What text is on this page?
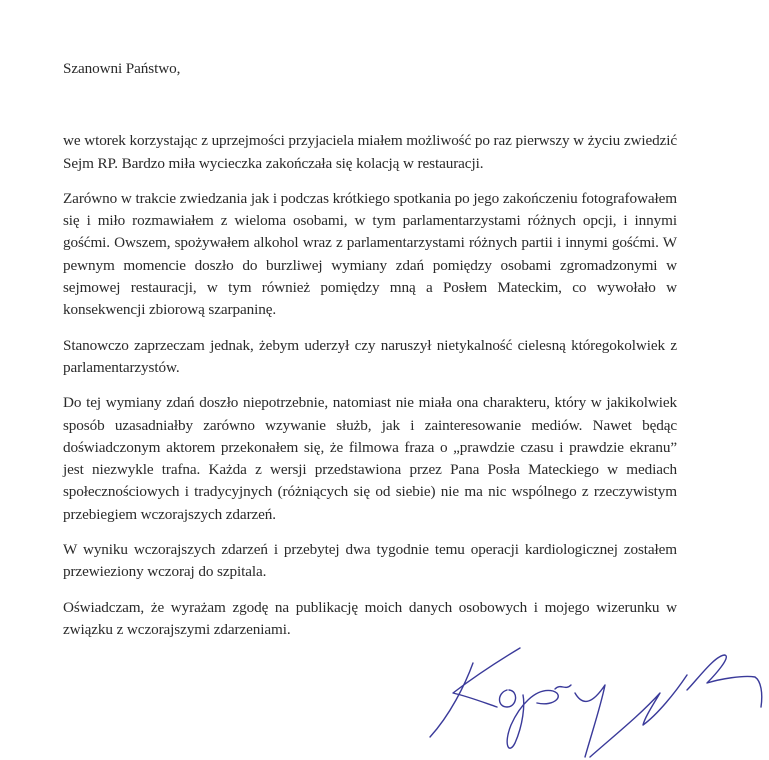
Szanowni Państwo,

we wtorek korzystając z uprzejmości przyjaciela miałem możliwość po raz pierwszy w życiu zwiedzić Sejm RP. Bardzo miła wycieczka zakończała się kolacją w restauracji.

Zarówno w trakcie zwiedzania jak i podczas krótkiego spotkania po jego zakończeniu fotografowałem się i miło rozmawiałem z wieloma osobami, w tym parlamentarzystami różnych opcji, i innymi gośćmi. Owszem, spożywałem alkohol wraz z parlamentarzystami różnych partii i innymi gośćmi. W pewnym momencie doszło do burzliwej wymiany zdań pomiędzy osobami zgromadzonymi w sejmowej restauracji, w tym również pomiędzy mną a Posłem Mateckim, co wywołało w konsekwencji zbiorową szarpaninę.

Stanowczo zaprzeczam jednak, żebym uderzył czy naruszył nietykalność cielesną któregokolwiek z parlamentarzystów.

Do tej wymiany zdań doszło niepotrzebnie, natomiast nie miała ona charakteru, który w jakikolwiek sposób uzasadniałby zarówno wzywanie służb, jak i zainteresowanie mediów. Nawet będąc doświadczonym aktorem przekonałem się, że filmowa fraza o „prawdzie czasu i prawdzie ekranu” jest niezwykle trafna. Każda z wersji przedstawiona przez Pana Posła Mateckiego w mediach społecznościowych i tradycyjnych (różniących się od siebie) nie ma nic wspólnego z rzeczywistym przebiegiem wczorajszych zdarzeń.

W wyniku wczorajszych zdarzeń i przebytej dwa tygodnie temu operacji kardiologicznej zostałem przewieziony wczoraj do szpitala.

Oświadczam, że wyrażam zgodę na publikację moich danych osobowych i mojego wizerunku w związku z wczorajszymi zdarzeniami.
